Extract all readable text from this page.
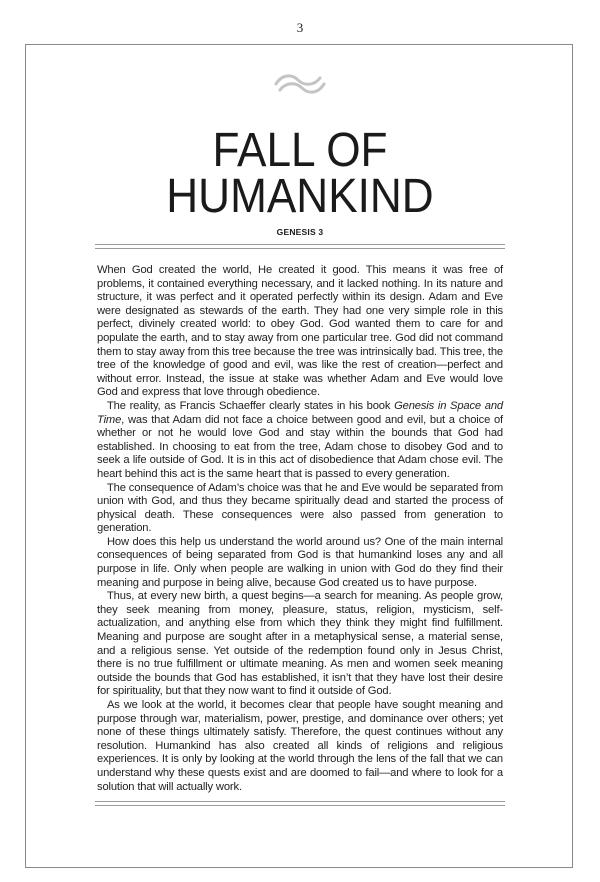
3
FALL OF
HUMANKIND
GENESIS 3

When God created the world, He created it good. This means it was free of problems, it contained everything necessary, and it lacked nothing. In its nature and structure, it was perfect and it operated perfectly within its design. Adam and Eve were designated as stewards of the earth. They had one very simple role in this perfect, divinely created world: to obey God. God wanted them to care for and populate the earth, and to stay away from one particular tree. God did not command them to stay away from this tree because the tree was intrinsically bad. This tree, the tree of the knowledge of good and evil, was like the rest of creation—perfect and without error. Instead, the issue at stake was whether Adam and Eve would love God and express that love through obedience.

The reality, as Francis Schaeffer clearly states in his book Genesis in Space and Time, was that Adam did not face a choice between good and evil, but a choice of whether or not he would love God and stay within the bounds that God had established. In choosing to eat from the tree, Adam chose to disobey God and to seek a life outside of God. It is in this act of disobedience that Adam chose evil. The heart behind this act is the same heart that is passed to every generation.

The consequence of Adam’s choice was that he and Eve would be separated from union with God, and thus they became spiritually dead and started the process of physical death. These consequences were also passed from generation to generation.

How does this help us understand the world around us? One of the main internal consequences of being separated from God is that humankind loses any and all purpose in life. Only when people are walking in union with God do they find their meaning and purpose in being alive, because God created us to have purpose.

Thus, at every new birth, a quest begins—a search for meaning. As people grow, they seek meaning from money, pleasure, status, religion, mysticism, self-actualization, and anything else from which they think they might find fulfillment. Meaning and purpose are sought after in a metaphysical sense, a material sense, and a religious sense. Yet outside of the redemption found only in Jesus Christ, there is no true fulfillment or ultimate meaning. As men and women seek meaning outside the bounds that God has established, it isn’t that they have lost their desire for spirituality, but that they now want to find it outside of God.

As we look at the world, it becomes clear that people have sought meaning and purpose through war, materialism, power, prestige, and dominance over others; yet none of these things ultimately satisfy. Therefore, the quest continues without any resolution. Humankind has also created all kinds of religions and religious experiences. It is only by looking at the world through the lens of the fall that we can understand why these quests exist and are doomed to fail—and where to look for a solution that will actually work.
